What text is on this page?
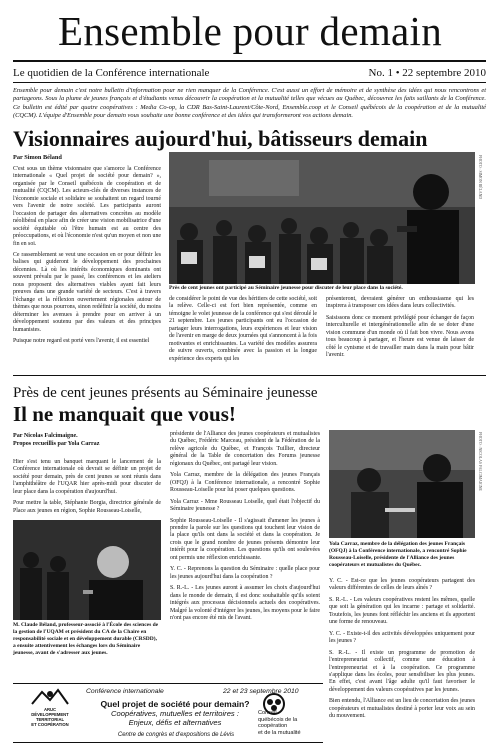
Ensemble pour demain
Le quotidien de la Conférence internationale	No. 1 • 22 septembre 2010
Ensemble pour demain c'est notre bulletin d'information pour ne rien manquer de la Conférence. C'est aussi un effort de mémoire et de synthèse des idées qui nous rencontrons et partageons. Sous la plume de jeunes français et d'étudiants venus découvrir la coopération et la mutualité telles que vécues au Québec, découvrez les faits saillants de la Conférence. Ce bulletin est édité par quatre coopératives : Media Co-op, la CDR Bas-Saint-Laurent/Côte-Nord, Ensemble.coop et le Conseil québécois de la coopération et de la mutualité (CQCM). L'équipe d'Ensemble pour demain vous souhaite une bonne conférence et des idées qui transformeront vos actions demain.
Visionnaires aujourd'hui, bâtisseurs demain
Par Simon Béland

C'est sous un thème visionnaire que s'amorce la Conférence internationale « Quel projet de société pour demain? », organisée par le Conseil québécois de coopération et de mutualité (CQCM). Les acteurs-clés de diverses instances de l'économie sociale et solidaire se souhaitent un regard tourné vers l'avenir de notre société. Les participants auront l'occasion de partager des alternatives concrètes au modèle néolibéral en place afin de créer une vision mobilisatrice d'une société équitable où l'être humain est au centre des préoccupations, et où l'économie n'est qu'un moyen et non une fin en soi.

Ce rassemblement se veut une occasion en or pour définir les balises qui guideront le développement des prochaines décennies. Là où les intérêts économiques dominants ont souvent prévalu par le passé, les conférences et les ateliers nous proposent des alternatives viables ayant fait leurs preuves dans une grande variété de secteurs. C'est à travers l'échange et la réflexion ouvertement régionales autour de thèmes que nous pourrons, sinon redéfinir la société, du moins déterminer les avenues à prendre pour en arriver à un développement soutenu par des valeurs et des principes humanistes.

Puisque notre regard est porté vers l'avenir, il est essentiel

PHOTO : SIMON BÉLAND
Près de cent jeunes ont participé au Séminaire jeunesse pour discuter de leur place dans la société.

de considérer le point de vue des héritiers de cette société, soit la relève. Celle-ci est fort bien représentée, comme en témoigne le volet jeunesse de la conférence qui s'est déroulé le 21 septembre. Les jeunes participants ont eu l'occasion de partager leurs interrogations, leurs expériences et leur vision de l'avenir en marge de deux journées qui s'annoncent à la fois motivantes et enrichissantes. La variété des modèles assurera de suivre ouverts, combinée avec la passion et la longue expérience des experts qui les

présenteront, devraient générer un enthousiasme qui les inspirera à transposer ces idées dans leurs collectivités.

Saisissons donc ce moment privilégié pour échanger de façon interculturelle et intergénérationnelle afin de se doter d'une vision commune d'un monde où il fait bon vivre. Nous avons tous beaucoup à partager, et l'heure est venue de laisser de côté le cynisme et de travailler main dans la main pour bâtir l'avenir.

Près de cent jeunes présents au Séminaire jeunesse
Il ne manquait que vous!
Par Nicolas Falcimaigne.
Propos recueillis par Yola Carraz

Hier s'est tenu un banquet marquant le lancement de la Conférence internationale où devrait se définir un projet de société pour demain, près de cent jeunes se sont réunis dans l'amphithéâtre de l'UQAR hier après-midi pour discuter de leur place dans la coopération d'aujourd'hui.

Pour mettre la table, Stéphanie Borgia, directrice générale de Place aux jeunes en région, Sophie Rousseau-Loiselle,

M. Claude Béland, professeur-associé à l'École des sciences de la gestion de l'UQAM et président du CA de la Chaire en responsabilité sociale et en développement durable (CRSDD), a ensuite attentivement les échanges lors du Séminaire jeunesse, avant de s'adresser aux jeunes.

présidente de l'Alliance des jeunes coopérateurs et mutualistes du Québec, Frédéric Marceau, président de la Fédération de la relève agricole du Québec, et François Tuillier, directeur général de la Table de concertation des Forums jeunesse régionaux du Québec, ont partagé leur vision.

Yola Carraz, membre de la délégation des jeunes Français (OFQJ) à la Conférence internationale, a rencontré Sophie Rousseau-Loiselle pour lui poser quelques questions.

Yola Carraz - Mme Rousseau Loiselle, quel était l'objectif du Séminaire jeunesse ?

Sophie Rousseau-Loiselle - Il s'agissait d'amener les jeunes à prendre la parole sur les questions qui touchent leur vision de la place qu'ils ont dans la société et dans la coopération. Je crois que le grand nombre de jeunes présents démontre leur intérêt pour la coopération. Les questions qu'ils ont soulevées ont permis une réflexion enrichissante.

Y. C. - Reprenons la question du Séminaire : quelle place pour les jeunes aujourd'hui dans la coopération ?

S. R.-L. - Les jeunes auront à assumer les choix d'aujourd'hui dans le monde de demain, il est donc souhaitable qu'ils soient intégrés aux processus décisionnels actuels des coopératives. Malgré la volonté d'intégrer les jeunes, les moyens pour le faire n'ont pas encore été mis de l'avant.

PHOTO : NICOLAS FALCIMAIGNE
Yola Carraz, membre de la délégation des jeunes Français (OFQJ) à la Conférence internationale, a rencontré Sophie Rousseau-Loiselle, présidente de l'Alliance des jeunes coopérateurs et mutualistes du Québec.

Y. C. - Est-ce que les jeunes coopérateurs partagent des valeurs différentes de celles de leurs aînés ?

S. R.-L. - Les valeurs coopératives restent les mêmes, quelle que soit la génération qui les incarne : partage et solidarité. Toutefois, les jeunes font réfléchir les anciens et ils apportent une forme de renouveau.

Y. C. - Existe-t-il des activités développées uniquement pour les jeunes ?

S. R.-L. - Il existe un programme de promotion de l'entrepreneuriat collectif, comme une éducation à l'entrepreneuriat et à la coopération. Ce programme s'applique dans les écoles, pour sensibiliser les plus jeunes. En effet, c'est avant l'âge adulte qu'il faut favoriser le développement des valeurs coopératives par les jeunes.

Bien entendu, l'Alliance est un lieu de concertation des jeunes coopérateurs et mutualistes destiné à porter leur voix au sein du mouvement.

ARUC
DÉVELOPPEMENT
TERRITORIAL
ET COOPÉRATION
Conférence internationale	22 et 23 septembre 2010
Quel projet de société pour demain?
Coopératives, mutuelles et territoires :
Enjeux, défis et alternatives
Centre de congrès et d'expositions de Lévis
Conseil
québécois de la coopération
et de la mutualité
